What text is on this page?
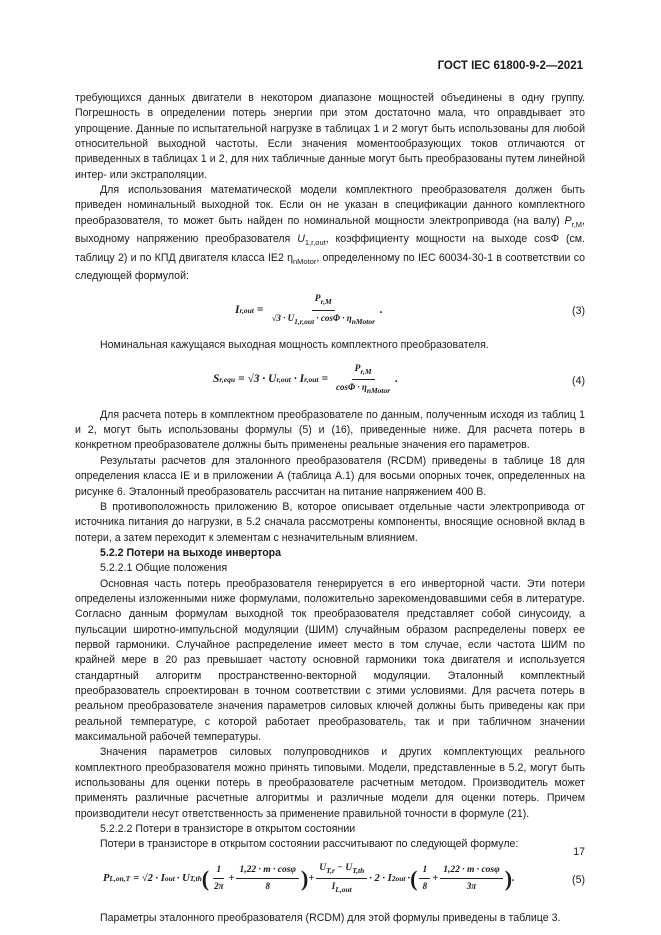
ГОСТ IEC 61800-9-2—2021

требующихся данных двигатели в некотором диапазоне мощностей объединены в одну группу. Погрешность в определении потерь энергии при этом достаточно мала, что оправдывает это упрощение. Данные по испытательной нагрузке в таблицах 1 и 2 могут быть использованы для любой относительной выходной частоты. Если значения моментообразующих токов отличаются от приведенных в таблицах 1 и 2, для них табличные данные могут быть преобразованы путем линейной интер- или экстраполяции.

Для использования математической модели комплектного преобразователя должен быть приведен номинальный выходной ток. Если он не указан в спецификации данного комплектного преобразователя, то может быть найден по номинальной мощности электропривода (на валу) $P_{r,M}$, выходному напряжению преобразователя $U_{1,r,out}$, коэффициенту мощности на выходе cosΦ (см. таблицу 2) и по КПД двигателя класса IE2 $\eta_{nMotor}$, определенному по IEC 60034-30-1 в соответствии со следующей формулой:

I $r,out = \frac{P_{r,M}}{√3 \cdot U_{1,r,out} \cdot \cos\Phi \cdot \eta_{nMotor}}$ .	(3)

Номинальная кажущаяся выходная мощность комплектного преобразователя.

S r,equ = √3 · U r,out · I $r,out = \frac{P_{r,M}}{\cos\Phi \cdot \eta_{nMotor}}$ .	(4)

Для расчета потерь в комплектном преобразователе по данным, полученным исходя из таблиц 1 и 2, могут быть использованы формулы (5) и (16), приведенные ниже. Для расчета потерь в конкретном преобразователе должны быть применены реальные значения его параметров.

Результаты расчетов для эталонного преобразователя (RCDM) приведены в таблице 18 для определения класса IE и в приложении А (таблица А.1) для восьми опорных точек, определенных на рисунке 6. Эталонный преобразователь рассчитан на питание напряжением 400 В.

В противоположность приложению В, которое описывает отдельные части электропривода от источника питания до нагрузки, в 5.2 сначала рассмотрены компоненты, вносящие основной вклад в потери, а затем переходит к элементам с незначительным влиянием.

5.2.2 Потери на выходе инвертора

5.2.2.1 Общие положения

Основная часть потерь преобразователя генерируется в его инверторной части. Эти потери определены изложенными ниже формулами, положительно зарекомендовавшими себя в литературе. Согласно данным формулам выходной ток преобразователя представляет собой синусоиду, а пульсации широтно-импульсной модуляции (ШИМ) случайным образом распределены поверх ее первой гармоники. Случайное распределение имеет место в том случае, если частота ШИМ по крайней мере в 20 раз превышает частоту основной гармоники тока двигателя и используется стандартный алгоритм пространственно-векторной модуляции. Эталонный комплектный преобразователь спроектирован в точном соответствии с этими условиями. Для расчета потерь в реальном преобразователе значения параметров силовых ключей должны быть приведены как при реальной температуре, с которой работает преобразователь, так и при табличном значении максимальной рабочей температуры.

Значения параметров силовых полупроводников и других комплектующих реального комплектного преобразователя можно принять типовыми. Модели, представленные в 5.2, могут быть использованы для оценки потерь в преобразователе расчетным методом. Производитель может применять различные расчетные алгоритмы и различные модели для оценки потерь. Причем производители несут ответственность за применение правильной точности в формуле (21).

5.2.2.2 Потери в транзисторе в открытом состоянии

Потери в транзисторе в открытом состоянии рассчитывают по следующей формуле:

P L,on,T = √2 · I out · U T,th ( $\frac{1}{2\pi} + \frac{1,22 \cdot m \cdot \cos\varphi}{8}$ ) + $\frac{U_{T,r} - U_{T,th}}{I_{L,out}} \cdot 2 \cdot I$ 2 out · ( $\frac{1}{8} + \frac{1,22 \cdot m \cdot \cos\varphi}{3\pi}$ ) .	(5)

Параметры эталонного преобразователя (RCDM) для этой формулы приведены в таблице 3.

17
